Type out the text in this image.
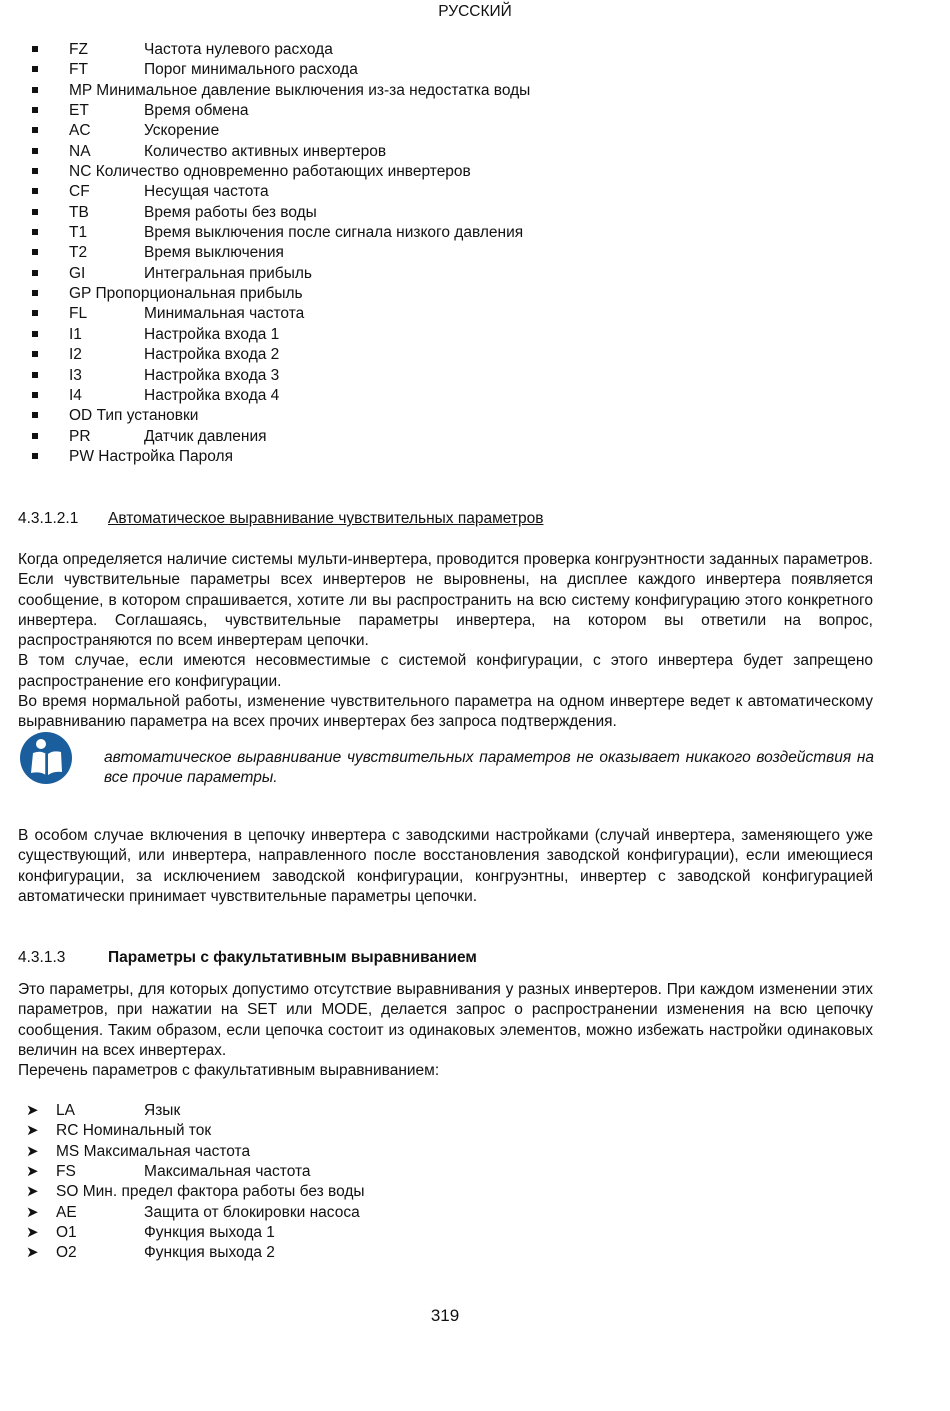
РУССКИЙ
FZ	Частота нулевого расхода
FT	Порог минимального расхода
MP Минимальное давление выключения из-за недостатка воды
ET	Время обмена
AC	Ускорение
NA	Количество активных инвертеров
NC Количество одновременно работающих инвертеров
CF	Несущая частота
TB	Время работы без воды
T1	Время выключения после сигнала низкого давления
T2	Время выключения
GI	Интегральная прибыль
GP Пропорциональная прибыль
FL	Минимальная частота
I1	Настройка входа 1
I2	Настройка входа 2
I3	Настройка входа 3
I4	Настройка входа 4
OD Тип установки
PR	Датчик давления
PW Настройка Пароля
4.3.1.2.1 Автоматическое выравнивание чувствительных параметров

Когда определяется наличие системы мульти-инвертера, проводится проверка конгруэнтности заданных параметров. Если чувствительные параметры всех инвертеров не выровнены, на дисплее каждого инвертера появляется сообщение, в котором спрашивается, хотите ли вы распространить на всю систему конфигурацию этого конкретного инвертера. Соглашаясь, чувствительные параметры инвертера, на котором вы ответили на вопрос, распространяются по всем инвертерам цепочки.

В том случае, если имеются несовместимые с системой конфигурации, с этого инвертера будет запрещено распространение его конфигурации.

Во время нормальной работы, изменение чувствительного параметра на одном инвертере ведет к автоматическому выравниванию параметра на всех прочих инвертерах без запроса подтверждения.

автоматическое выравнивание чувствительных параметров не оказывает никакого воздействия на все прочие параметры.

В особом случае включения в цепочку инвертера с заводскими настройками (случай инвертера, заменяющего уже существующий, или инвертера, направленного после восстановления заводской конфигурации), если имеющиеся конфигурации, за исключением заводской конфигурации, конгруэнтны, инвертер с заводской конфигурацией автоматически принимает чувствительные параметры цепочки.

4.3.1.3	Параметры с факультативным выравниванием

Это параметры, для которых допустимо отсутствие выравнивания у разных инвертеров. При каждом изменении этих параметров, при нажатии на SET или MODE, делается запрос о распространении изменения на всю цепочку сообщения. Таким образом, если цепочка состоит из одинаковых элементов, можно избежать настройки одинаковых величин на всех инвертерах.

Перечень параметров с факультативным выравниванием:

➤ LA	Язык
➤ RC Номинальный ток
➤ MS Максимальная частота
➤ FS	Максимальная частота
➤ SO Мин. предел фактора работы без воды
➤ AE	Защита от блокировки насоса
➤ O1	Функция выхода 1
➤ O2	Функция выхода 2
319
